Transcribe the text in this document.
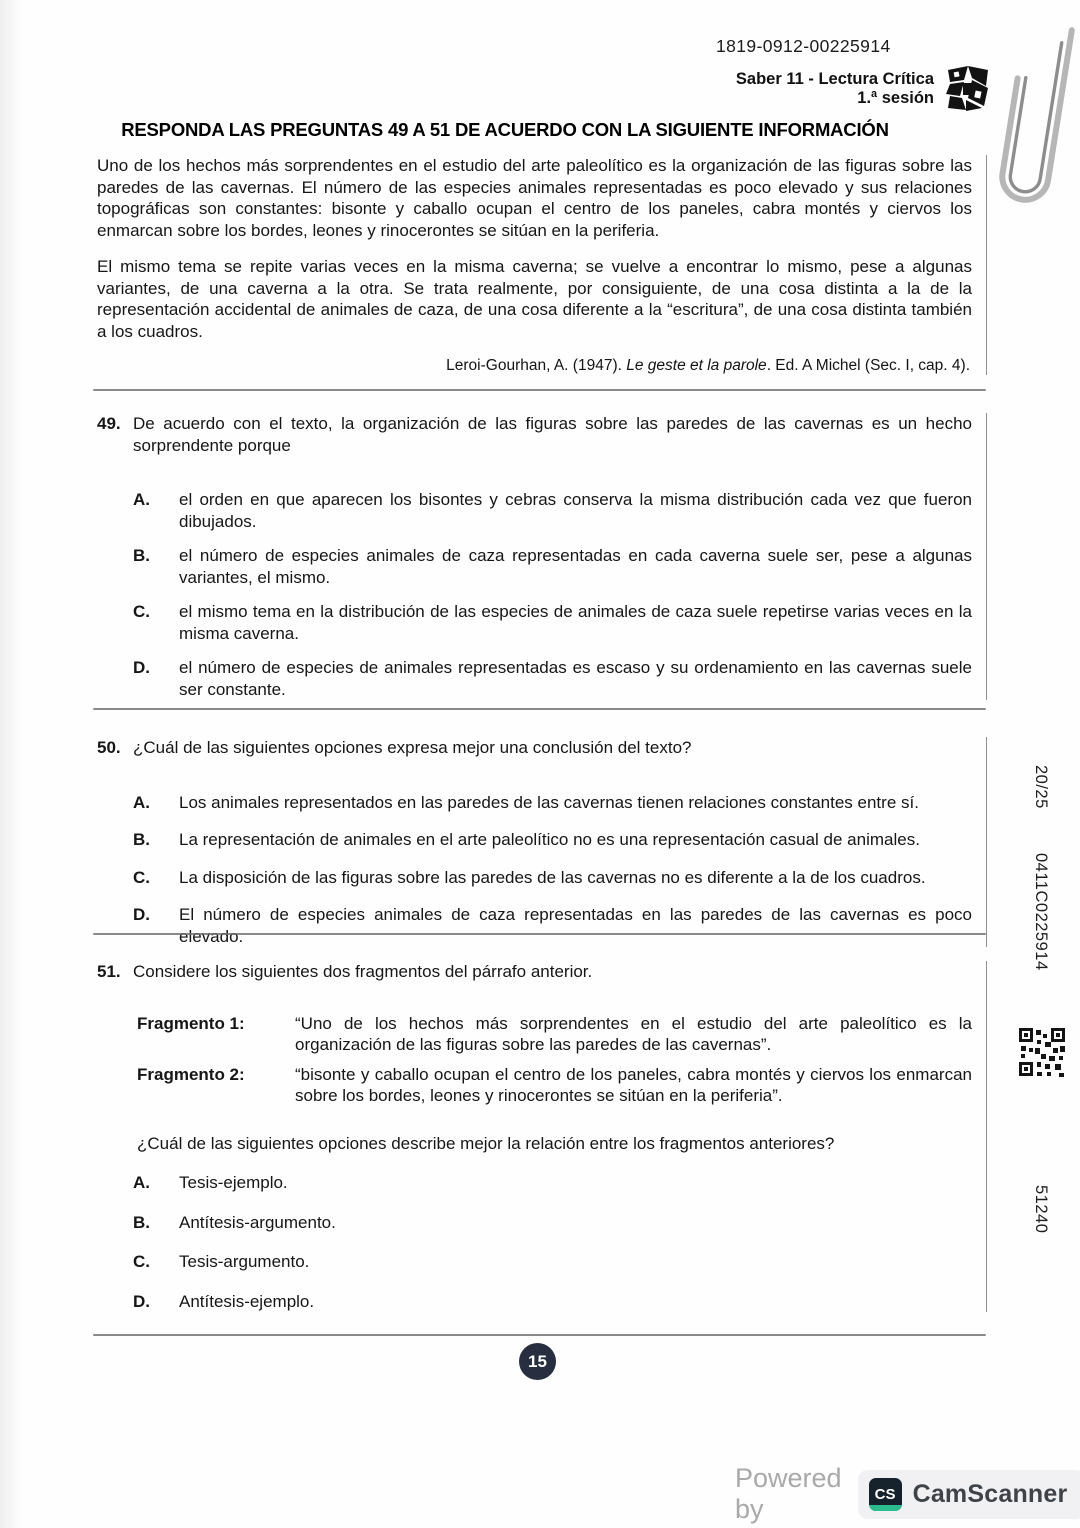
1819-0912-00225914
Saber 11 - Lectura Crítica
1.ª sesión
RESPONDA LAS PREGUNTAS 49 A 51 DE ACUERDO CON LA SIGUIENTE INFORMACIÓN

Uno de los hechos más sorprendentes en el estudio del arte paleolítico es la organización de las figuras sobre las paredes de las cavernas. El número de las especies animales representadas es poco elevado y sus relaciones topográficas son constantes: bisonte y caballo ocupan el centro de los paneles, cabra montés y ciervos los enmarcan sobre los bordes, leones y rinocerontes se sitúan en la periferia.

El mismo tema se repite varias veces en la misma caverna; se vuelve a encontrar lo mismo, pese a algunas variantes, de una caverna a la otra. Se trata realmente, por consiguiente, de una cosa distinta a la de la representación accidental de animales de caza, de una cosa diferente a la “escritura”, de una cosa distinta también a los cuadros.

Leroi-Gourhan, A. (1947). Le geste et la parole. Ed. A Michel (Sec. I, cap. 4).
49. De acuerdo con el texto, la organización de las figuras sobre las paredes de las cavernas es un hecho sorprendente porque
A.	el orden en que aparecen los bisontes y cebras conserva la misma distribución cada vez que fueron dibujados.
B.	el número de especies animales de caza representadas en cada caverna suele ser, pese a algunas variantes, el mismo.
C.	el mismo tema en la distribución de las especies de animales de caza suele repetirse varias veces en la misma caverna.
D.	el número de especies de animales representadas es escaso y su ordenamiento en las cavernas suele ser constante.
50. ¿Cuál de las siguientes opciones expresa mejor una conclusión del texto?
A.	Los animales representados en las paredes de las cavernas tienen relaciones constantes entre sí.
B.	La representación de animales en el arte paleolítico no es una representación casual de animales.
C.	La disposición de las figuras sobre las paredes de las cavernas no es diferente a la de los cuadros.
D.	El número de especies animales de caza representadas en las paredes de las cavernas es poco elevado.
51. Considere los siguientes dos fragmentos del párrafo anterior.
Fragmento 1:	“Uno de los hechos más sorprendentes en el estudio del arte paleolítico es la organización de las figuras sobre las paredes de las cavernas”.
Fragmento 2:	“bisonte y caballo ocupan el centro de los paneles, cabra montés y ciervos los enmarcan sobre los bordes, leones y rinocerontes se sitúan en la periferia”.
¿Cuál de las siguientes opciones describe mejor la relación entre los fragmentos anteriores?
A.	Tesis-ejemplo.
B.	Antítesis-argumento.
C.	Tesis-argumento.
D.	Antítesis-ejemplo.
15
20/25
0411C0225914
51240
Powered by	CS CamScanner
